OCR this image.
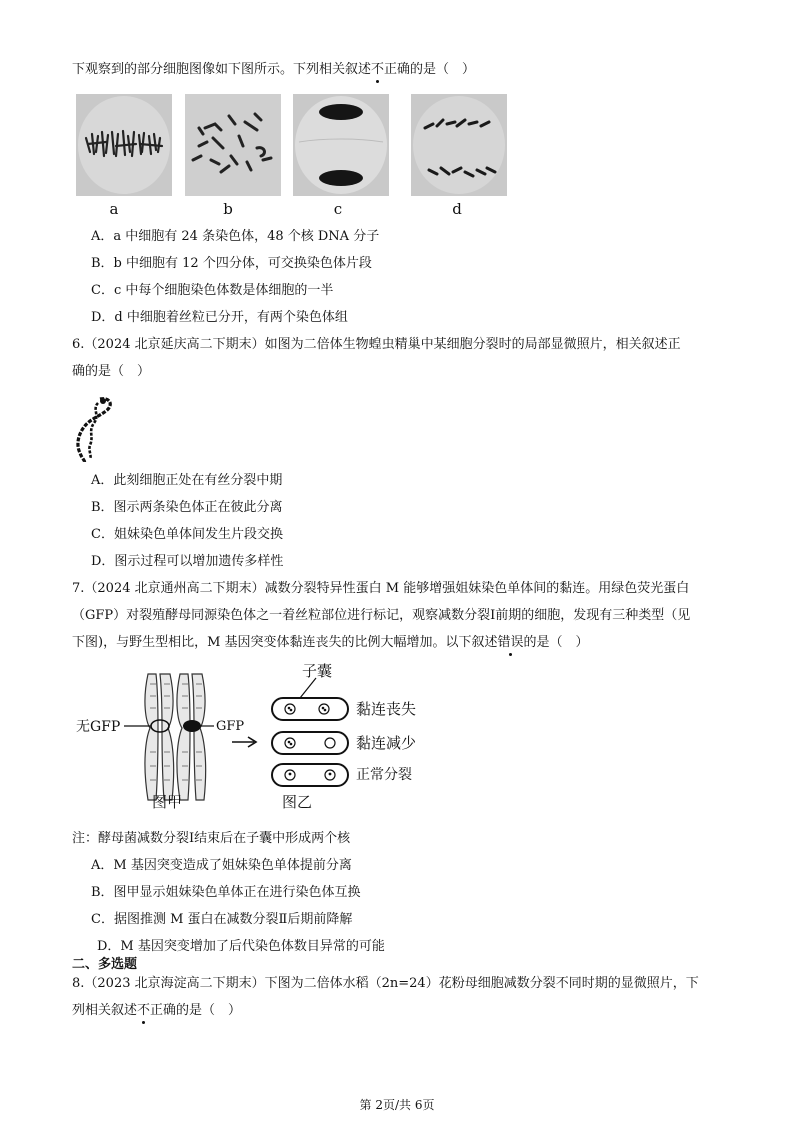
下观察到的部分细胞图像如下图所示。下列相关叙述不正确的是（　）
a	b	c	d
A．a 中细胞有 24 条染色体，48 个核 DNA 分子
B．b 中细胞有 12 个四分体，可交换染色体片段
C．c 中每个细胞染色体数是体细胞的一半
D．d 中细胞着丝粒已分开，有两个染色体组
6.（2024 北京延庆高二下期末）如图为二倍体生物蝗虫精巢中某细胞分裂时的局部显微照片，相关叙述正
确的是（　）
A．此刻细胞正处在有丝分裂中期
B．图示两条染色体正在彼此分离
C．姐妹染色单体间发生片段交换
D．图示过程可以增加遗传多样性
7.（2024 北京通州高二下期末）减数分裂特异性蛋白 M 能够增强姐妹染色单体间的黏连。用绿色荧光蛋白
（GFP）对裂殖酵母同源染色体之一着丝粒部位进行标记，观察减数分裂Ⅰ前期的细胞，发现有三种类型（见
下图)，与野生型相比，M 基因突变体黏连丧失的比例大幅增加。以下叙述错误的是（　）
无GFP	GFP
子囊
黏连丧失
黏连减少
正常分裂
图甲	图乙
注：酵母菌减数分裂Ⅰ结束后在子囊中形成两个核
A．M 基因突变造成了姐妹染色单体提前分离
B．图甲显示姐妹染色单体正在进行染色体互换
C．据图推测 M 蛋白在减数分裂Ⅱ后期前降解
D．M 基因突变增加了后代染色体数目异常的可能
二、多选题
8.（2023 北京海淀高二下期末）下图为二倍体水稻（2n=24）花粉母细胞减数分裂不同时期的显微照片，下
列相关叙述不正确的是（　）
第 2页/共 6页
